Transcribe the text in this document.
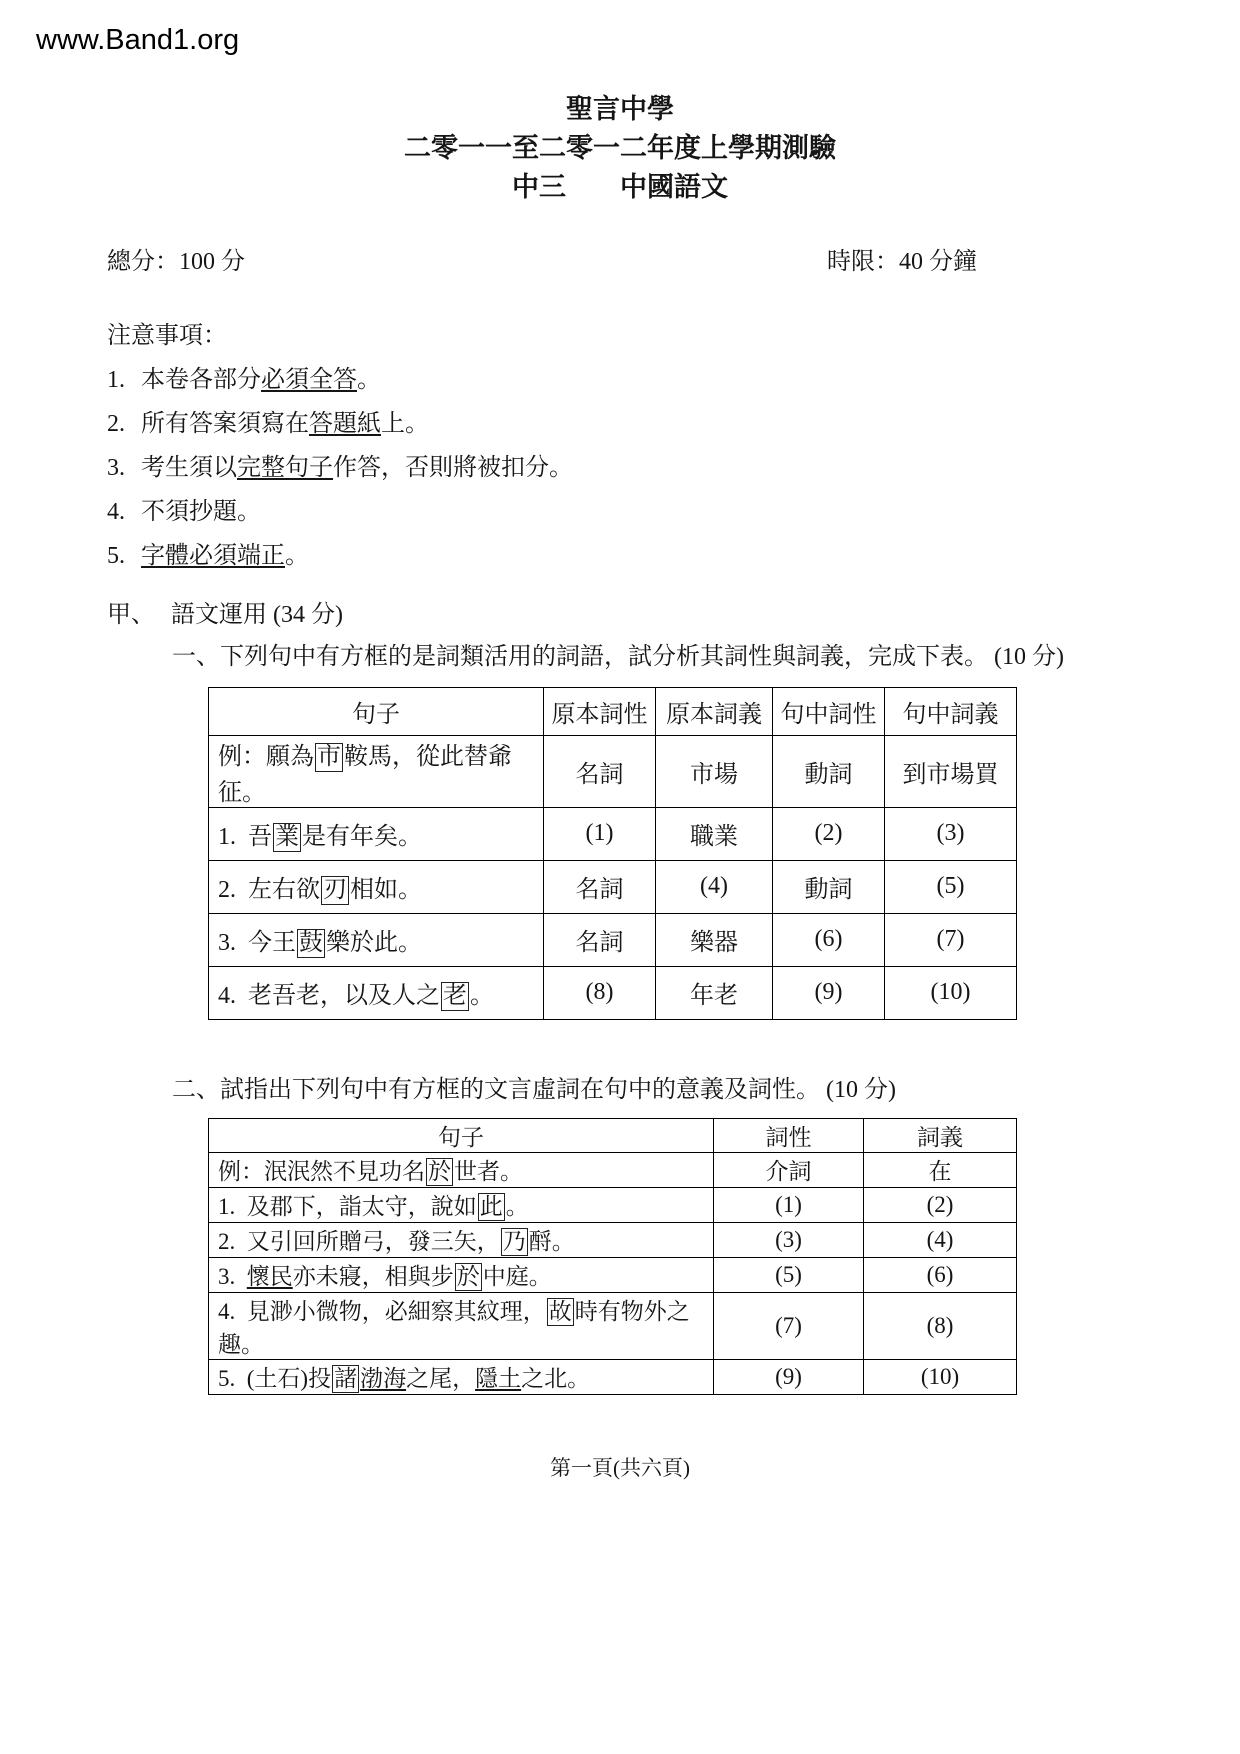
www.Band1.org
聖言中學
二零一一至二零一二年度上學期測驗
中三　　中國語文
總分：100 分	時限：40 分鐘
注意事項：
1. 本卷各部分必須全答。
2. 所有答案須寫在答題紙上。
3. 考生須以完整句子作答，否則將被扣分。
4. 不須抄題。
5. 字體必須端正。
甲、 語文運用 (34 分)
一、下列句中有方框的是詞類活用的詞語，試分析其詞性與詞義，完成下表。 (10 分)
句子	原本詞性	原本詞義	句中詞性	句中詞義
例：願為 市 鞍馬，從此替爺征。	名詞	市場	動詞	到市場買
1. 吾 業 是有年矣。	(1)	職業	(2)	(3)
2. 左右欲 刃 相如。	名詞	(4)	動詞	(5)
3. 今王 鼓 樂於此。	名詞	樂器	(6)	(7)
4. 老吾老，以及人之 老 。	(8)	年老	(9)	(10)
二、試指出下列句中有方框的文言虛詞在句中的意義及詞性。 (10 分)
句子	詞性	詞義
例：泯泯然不見功名 於 世者。	介詞	在
1. 及郡下，詣太守，說如 此 。	(1)	(2)
2. 又引回所贈弓，發三矢， 乃 酹。	(3)	(4)
3. 懷民亦未寢，相與步 於 中庭。	(5)	(6)
4. 見渺小微物，必細察其紋理， 故 時有物外之趣。	(7)	(8)
5. (土石)投 諸 渤海之尾，隱土之北。	(9)	(10)
第一頁(共六頁)
